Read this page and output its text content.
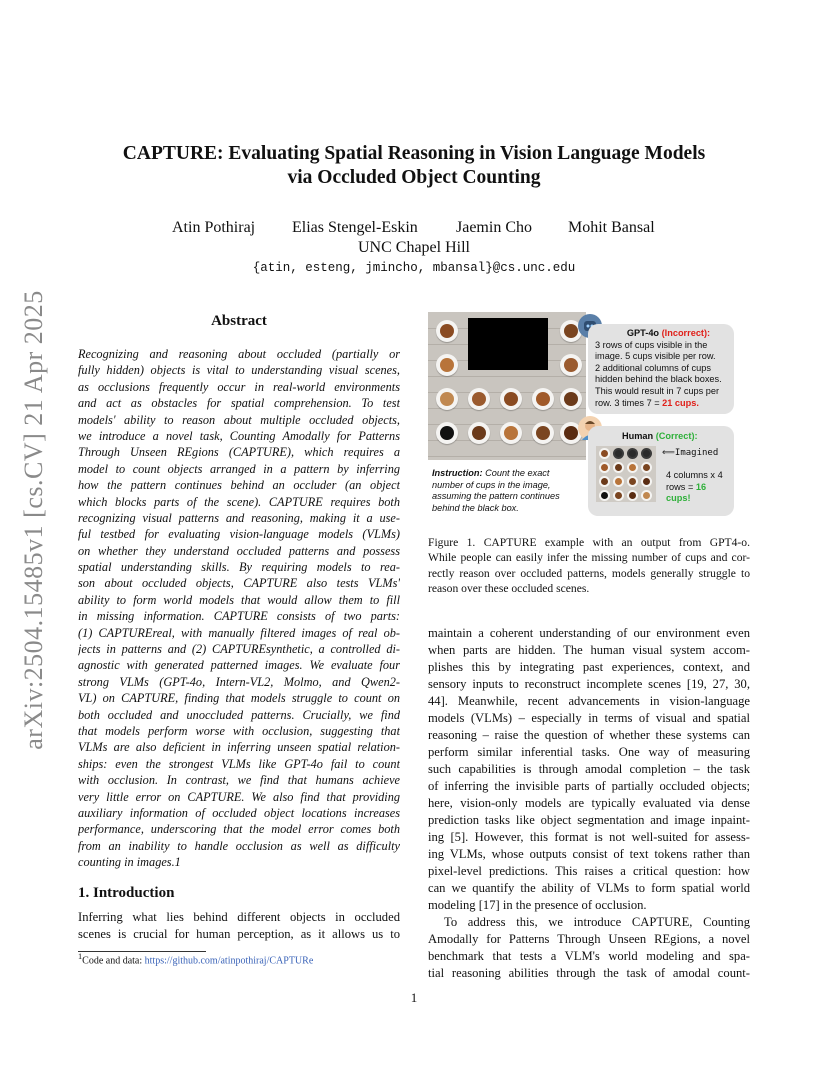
arXiv:2504.15485v1 [cs.CV] 21 Apr 2025
CAPTURE: Evaluating Spatial Reasoning in Vision Language Models
via Occluded Object Counting
Atin Pothiraj Elias Stengel-Eskin Jaemin Cho Mohit Bansal
UNC Chapel Hill
{atin, esteng, jmincho, mbansal}@cs.unc.edu
Abstract
Recognizing and reasoning about occluded (partially or
fully hidden) objects is vital to understanding visual scenes,
as occlusions frequently occur in real-world environments
and act as obstacles for spatial comprehension. To test
models' ability to reason about multiple occluded objects,
we introduce a novel task, Counting Amodally for Patterns
Through Unseen REgions (CAPTURE), which requires a
model to count objects arranged in a pattern by inferring
how the pattern continues behind an occluder (an object
which blocks parts of the scene). CAPTURE requires both
recognizing visual patterns and reasoning, making it a use-
ful testbed for evaluating vision-language models (VLMs)
on whether they understand occluded patterns and possess
spatial understanding skills. By requiring models to rea-
son about occluded objects, CAPTURE also tests VLMs'
ability to form world models that would allow them to fill
in missing information. CAPTURE consists of two parts:
(1) CAPTUREreal, with manually filtered images of real ob-
jects in patterns and (2) CAPTUREsynthetic, a controlled di-
agnostic with generated patterned images. We evaluate four
strong VLMs (GPT-4o, Intern-VL2, Molmo, and Qwen2-
VL) on CAPTURE, finding that models struggle to count on
both occluded and unoccluded patterns. Crucially, we find
that models perform worse with occlusion, suggesting that
VLMs are also deficient in inferring unseen spatial relation-
ships: even the strongest VLMs like GPT-4o fail to count
with occlusion. In contrast, we find that humans achieve
very little error on CAPTURE. We also find that providing
auxiliary information of occluded object locations increases
performance, underscoring that the model error comes both
from an inability to handle occlusion as well as difficulty
counting in images.1
1. Introduction
Inferring what lies behind different objects in occluded
scenes is crucial for human perception, as it allows us to
$^1$Code and data: https://github.com/atinpothiraj/CAPTURe
Instruction: Count the exact number of cups in the image, assuming the pattern continues behind the black box.
GPT-4o (Incorrect):
3 rows of cups visible in the
image. 5 cups visible per row.
2 additional columns of cups
hidden behind the black boxes.
This would result in 7 cups per
row. 3 times 7 = 21 cups.
Human (Correct):
⟸Imagined
4 columns x 4 rows = 16 cups!
Figure 1. CAPTURE example with an output from GPT4-o.
While people can easily infer the missing number of cups and cor-
rectly reason over occluded patterns, models generally struggle to
reason over these occluded scenes.
maintain a coherent understanding of our environment even
when parts are hidden. The human visual system accom-
plishes this by integrating past experiences, context, and
sensory inputs to reconstruct incomplete scenes [19, 27, 30,
44]. Meanwhile, recent advancements in vision-language
models (VLMs) – especially in terms of visual and spatial
reasoning – raise the question of whether these systems can
perform similar inferential tasks. One way of measuring
such capabilities is through amodal completion – the task
of inferring the invisible parts of partially occluded objects;
here, vision-only models are typically evaluated via dense
prediction tasks like object segmentation and image inpaint-
ing [5]. However, this format is not well-suited for assess-
ing VLMs, whose outputs consist of text tokens rather than
pixel-level predictions. This raises a critical question: how
can we quantify the ability of VLMs to form spatial world
modeling [17] in the presence of occlusion.
To address this, we introduce CAPTURE, Counting
Amodally for Patterns Through Unseen REgions, a novel
benchmark that tests a VLM's world modeling and spa-
tial reasoning abilities through the task of amodal count-
1
